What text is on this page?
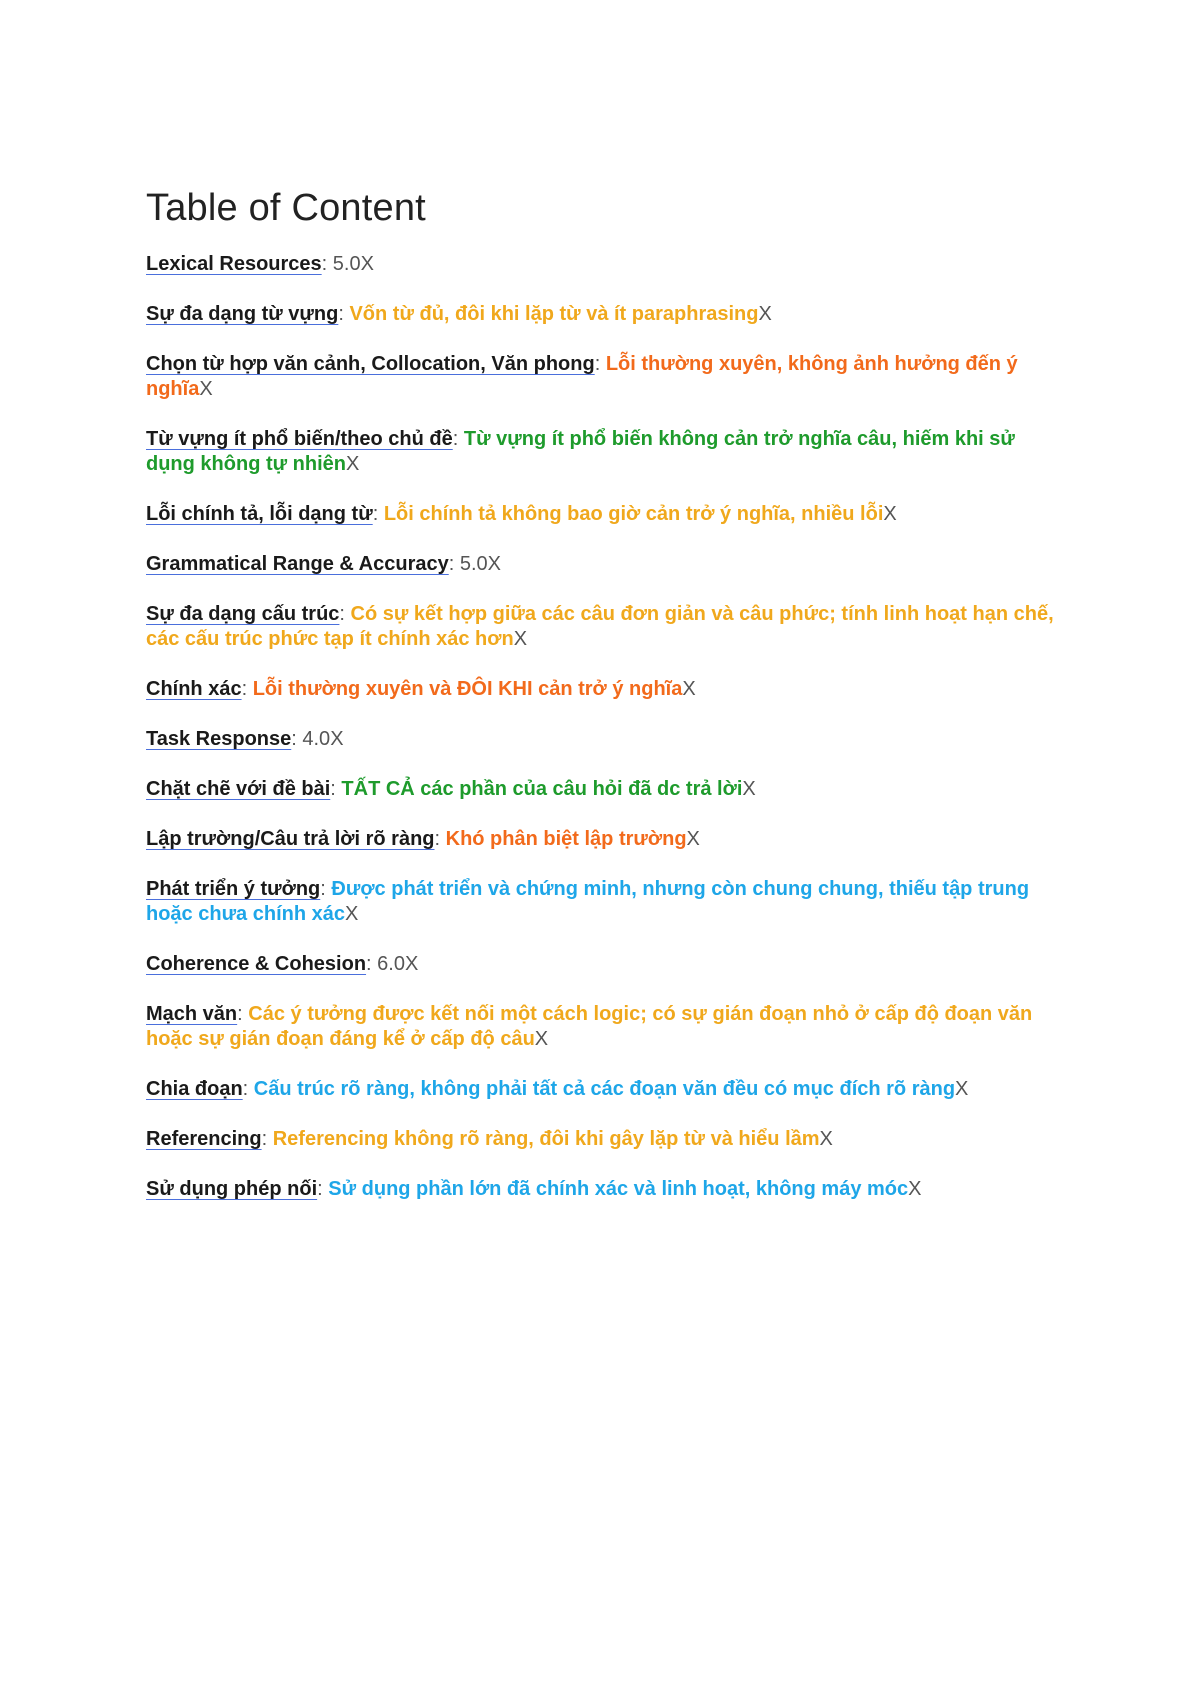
Table of Content

Lexical Resources: 5.0X

Sự đa dạng từ vựng: Vốn từ đủ, đôi khi lặp từ và ít paraphrasingX

Chọn từ hợp văn cảnh, Collocation, Văn phong: Lỗi thường xuyên, không ảnh hưởng đến ý nghĩaX

Từ vựng ít phổ biến/theo chủ đề: Từ vựng ít phổ biến không cản trở nghĩa câu, hiếm khi sử dụng không tự nhiênX

Lỗi chính tả, lỗi dạng từ: Lỗi chính tả không bao giờ cản trở ý nghĩa, nhiều lỗiX

Grammatical Range & Accuracy: 5.0X

Sự đa dạng cấu trúc: Có sự kết hợp giữa các câu đơn giản và câu phức; tính linh hoạt hạn chế, các cấu trúc phức tạp ít chính xác hơnX

Chính xác: Lỗi thường xuyên và ĐÔI KHI cản trở ý nghĩaX

Task Response: 4.0X

Chặt chẽ với đề bài: TẤT CẢ các phần của câu hỏi đã dc trả lờiX

Lập trường/Câu trả lời rõ ràng: Khó phân biệt lập trườngX

Phát triển ý tưởng: Được phát triển và chứng minh, nhưng còn chung chung, thiếu tập trung hoặc chưa chính xácX

Coherence & Cohesion: 6.0X

Mạch văn: Các ý tưởng được kết nối một cách logic; có sự gián đoạn nhỏ ở cấp độ đoạn văn hoặc sự gián đoạn đáng kể ở cấp độ câuX

Chia đoạn: Cấu trúc rõ ràng, không phải tất cả các đoạn văn đều có mục đích rõ ràngX

Referencing: Referencing không rõ ràng, đôi khi gây lặp từ và hiểu lầmX

Sử dụng phép nối: Sử dụng phần lớn đã chính xác và linh hoạt, không máy mócX
